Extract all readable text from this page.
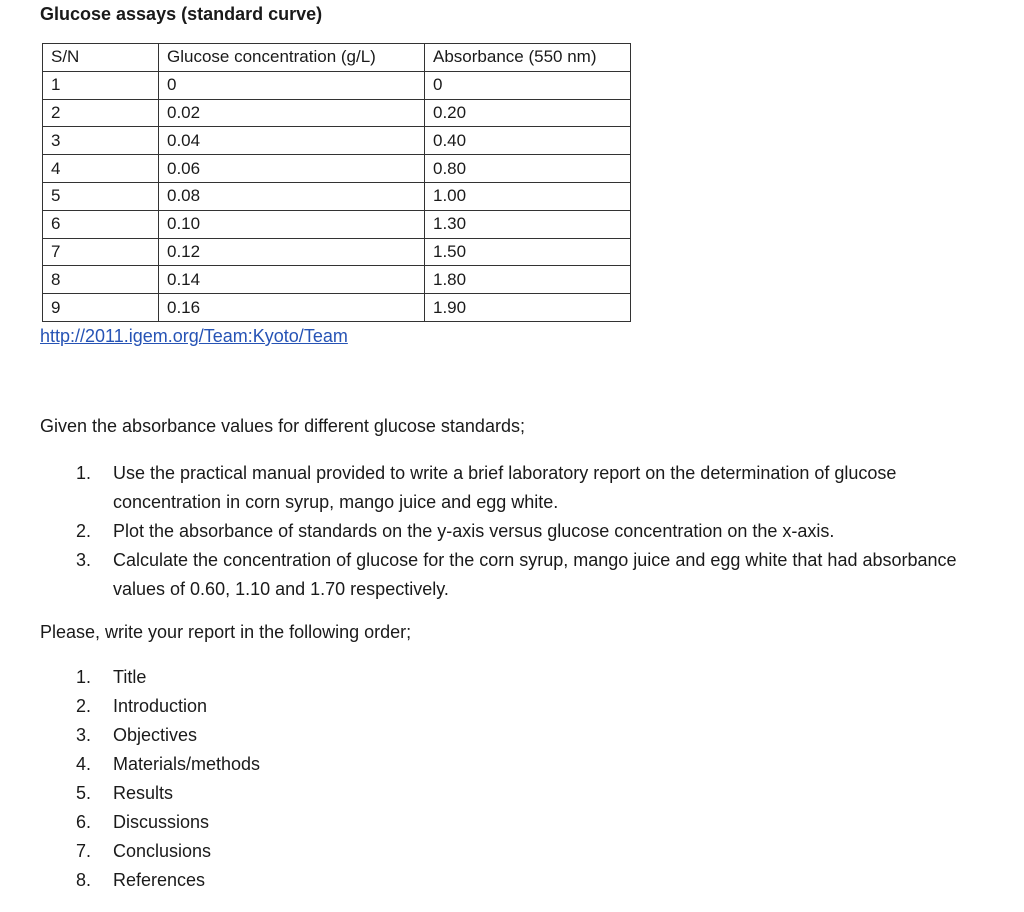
Glucose assays (standard curve)
S/N	Glucose concentration (g/L)	Absorbance (550 nm)
1	0	0
2	0.02	0.20
3	0.04	0.40
4	0.06	0.80
5	0.08	1.00
6	0.10	1.30
7	0.12	1.50
8	0.14	1.80
9	0.16	1.90
http://2011.igem.org/Team:Kyoto/Team
Given the absorbance values for different glucose standards;
1. Use the practical manual provided to write a brief laboratory report on the determination of glucose concentration in corn syrup, mango juice and egg white.
2. Plot the absorbance of standards on the y-axis versus glucose concentration on the x-axis.
3. Calculate the concentration of glucose for the corn syrup, mango juice and egg white that had absorbance values of 0.60, 1.10 and 1.70 respectively.
Please, write your report in the following order;
1. Title
2. Introduction
3. Objectives
4. Materials/methods
5. Results
6. Discussions
7. Conclusions
8. References
